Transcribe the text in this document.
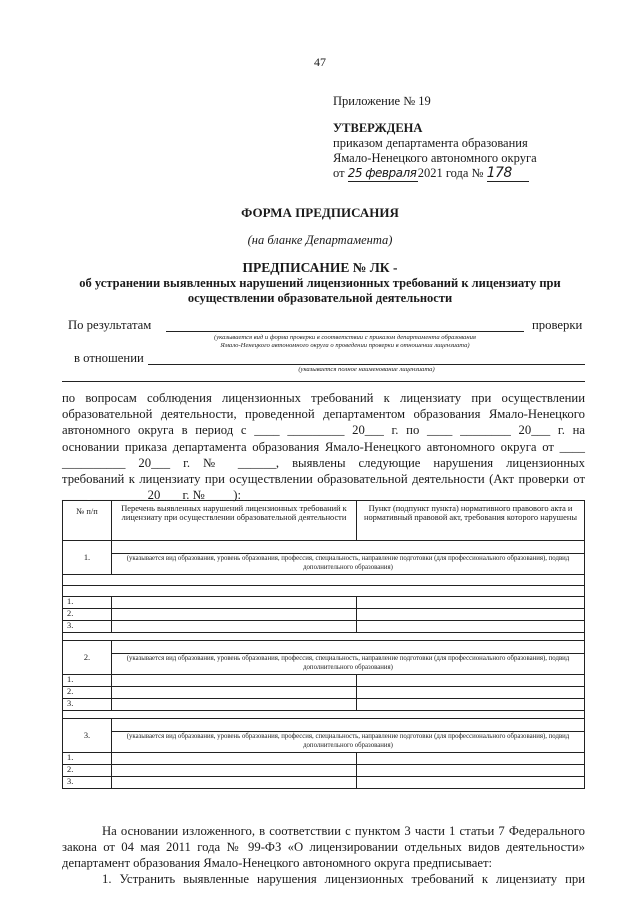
47
Приложение № 19
УТВЕРЖДЕНА
приказом департамента образования
Ямало-Ненецкого автономного округа
от 25 февраля2021 года № 178
ФОРМА ПРЕДПИСАНИЯ
(на бланке Департамента)
ПРЕДПИСАНИЕ № ЛК -
об устранении выявленных нарушений лицензионных требований к лицензиату при
осуществлении образовательной деятельности
По результатам	проверки
(указывается вид и форма проверки в соответствии с приказом департамента образования
Ямало-Ненецкого автономного округа о проведении проверки в отношении лицензиата)
в отношении
(указывается полное наименование лицензиата)
по вопросам соблюдения лицензионных требований к лицензиату при осуществлении
образовательной деятельности, проведенной департаментом образования Ямало-Ненецкого
автономного округа в период с ____ _________ 20___ г. по ____ ________ 20___ г. на
основании приказа департамента образования Ямало-Ненецкого автономного округа от ____
__________ 20___ г. № ______, выявлены следующие нарушения лицензионных
требований к лицензиату при осуществлении образовательной деятельности (Акт проверки от
____ _________20___ г. № ____):
№ п/п	Перечень выявленных нарушений лицензионных требований к лицензиату при осуществлении образовательной деятельности	Пункт (подпункт пункта) нормативного правового акта и нормативный правовой акт, требования которого нарушены
1.	(указывается вид образования, уровень образования, профессия, специальность, направление подготовки (для профессионального образования), подвид дополнительного образования)	

1.		
2.		
3.		

2.	(указывается вид образования, уровень образования, профессия, специальность, направление подготовки (для профессионального образования), подвид дополнительного образования)	

1.		
2.		
3.		

3.	(указывается вид образования, уровень образования, профессия, специальность, направление подготовки (для профессионального образования), подвид дополнительного образования)	

1.		
2.		
3.		
На основании изложенного, в соответствии с пунктом 3 части 1 статьи 7 Федерального
закона от 04 мая 2011 года № 99-ФЗ «О лицензировании отдельных видов деятельности»
департамент образования Ямало-Ненецкого автономного округа предписывает:
1. Устранить выявленные нарушения лицензионных требований к лицензиату при
